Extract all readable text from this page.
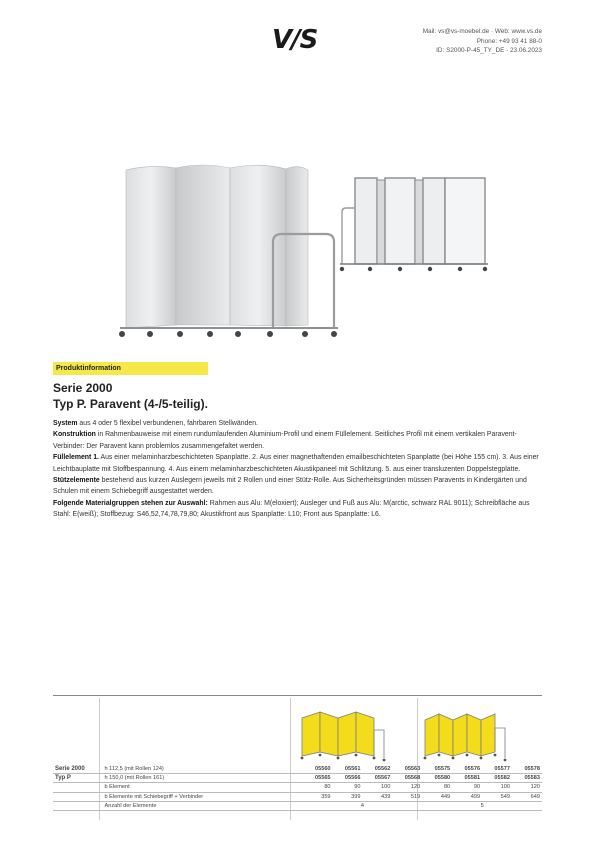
V/S	Mail: vs@vs-moebel.de · Web: www.vs.de
Phone: +49 93 41 88-0
ID: S2000-P-45_TY_DE · 23.06.2023
Produktinformation
Serie 2000
Typ P. Paravent (4-/5-teilig).

System aus 4 oder 5 flexibel verbundenen, fahrbaren Stellwänden.

Konstruktion in Rahmenbauweise mit einem rundumlaufenden Aluminium-Profil und einem Füllelement. Seitliches Profil mit einem vertikalen Paravent-Verbinder: Der Paravent kann problemlos zusammengefaltet werden.

Füllelement 1. Aus einer melaminharzbeschichteten Spanplatte. 2. Aus einer magnethaftenden emailbeschichteten Spanplatte (bei Höhe 155 cm). 3. Aus einer Leichtbauplatte mit Stoffbespannung. 4. Aus einem melaminharzbeschichteten Akustikpaneel mit Schlitzung. 5. aus einer transluzenten Doppelstegplatte.

Stützelemente bestehend aus kurzen Auslegern jeweils mit 2 Rollen und einer Stütz-Rolle. Aus Sicherheitsgründen müssen Paravents in Kindergärten und Schulen mit einem Schiebegriff ausgestattet werden.

Folgende Materialgruppen stehen zur Auswahl: Rahmen aus Alu: M(eloxiert); Ausleger und Fuß aus Alu: M(arctic, schwarz RAL 9011); Schreibfläche aus Stahl: E(weiß); Stoffbezug: S46,52,74,78,79,80; Akustikfront aus Spanplatte: L10; Front aus Spanplatte: L6.

Serie 2000	h 112,5 (mit Rollen 124)	05560	05561	05562	05563	05575	05576	05577	05578
Typ P	h 150,0 (mit Rollen 161)	05565	05566	05567	05568	05580	05581	05582	05583
	b Element	80	90	100	120	80	90	100	120
	b Elemente mit Schiebegriff + Verbinder	359	399	439	519	449	499	549	649
	Anzahl der Elemente	4				5			
